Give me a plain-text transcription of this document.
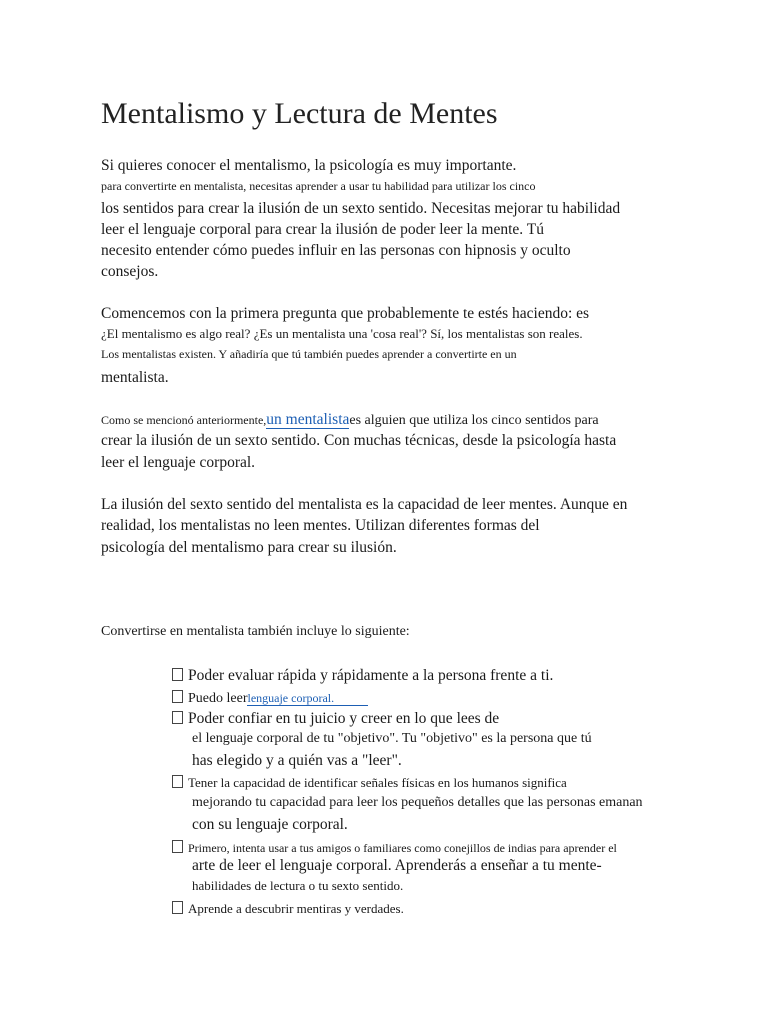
Mentalismo y Lectura de Mentes
Si quieres conocer el mentalismo, la psicología es muy importante.
para convertirte en mentalista, necesitas aprender a usar tu habilidad para utilizar los cinco
los sentidos para crear la ilusión de un sexto sentido. Necesitas mejorar tu habilidad
leer el lenguaje corporal para crear la ilusión de poder leer la mente. Tú
necesito entender cómo puedes influir en las personas con hipnosis y oculto
consejos.
Comencemos con la primera pregunta que probablemente te estés haciendo: es
¿El mentalismo es algo real? ¿Es un mentalista una 'cosa real'? Sí, los mentalistas son reales.
Los mentalistas existen. Y añadiría que tú también puedes aprender a convertirte en un
mentalista.
Como se mencionó anteriormente,un mentalistaes alguien que utiliza los cinco sentidos para
crear la ilusión de un sexto sentido. Con muchas técnicas, desde la psicología hasta
leer el lenguaje corporal.
La ilusión del sexto sentido del mentalista es la capacidad de leer mentes. Aunque en
realidad, los mentalistas no leen mentes. Utilizan diferentes formas del
psicología del mentalismo para crear su ilusión.
Convertirse en mentalista también incluye lo siguiente:
Poder evaluar rápida y rápidamente a la persona frente a ti.
Puedo leerlenguaje corporal.
Poder confiar en tu juicio y creer en lo que lees de
el lenguaje corporal de tu "objetivo". Tu "objetivo" es la persona que tú
has elegido y a quién vas a "leer".
Tener la capacidad de identificar señales físicas en los humanos significa
mejorando tu capacidad para leer los pequeños detalles que las personas emanan
con su lenguaje corporal.
Primero, intenta usar a tus amigos o familiares como conejillos de indias para aprender el
arte de leer el lenguaje corporal. Aprenderás a enseñar a tu mente-
habilidades de lectura o tu sexto sentido.
Aprende a descubrir mentiras y verdades.
